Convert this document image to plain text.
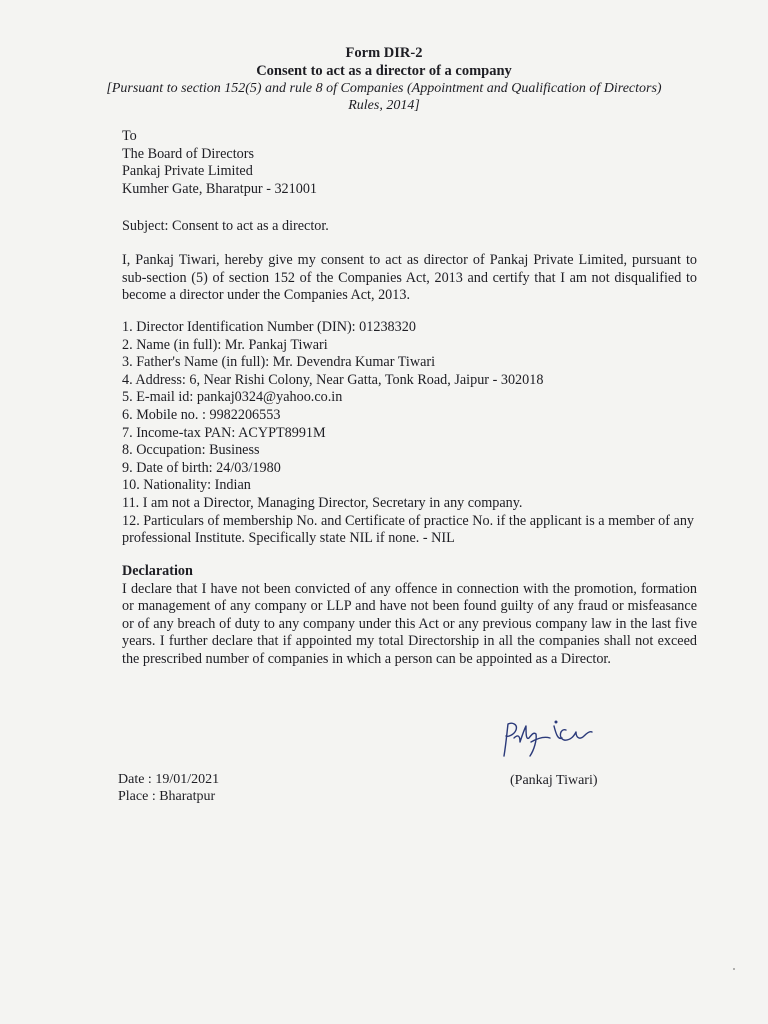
Form DIR-2
Consent to act as a director of a company
[Pursuant to section 152(5) and rule 8 of Companies (Appointment and Qualification of Directors) Rules, 2014]
To
The Board of Directors
Pankaj Private Limited
Kumher Gate, Bharatpur - 321001
Subject: Consent to act as a director.
I, Pankaj Tiwari, hereby give my consent to act as director of Pankaj Private Limited, pursuant to sub-section (5) of section 152 of the Companies Act, 2013 and certify that I am not disqualified to become a director under the Companies Act, 2013.
1. Director Identification Number (DIN): 01238320
2. Name (in full): Mr. Pankaj Tiwari
3. Father's Name (in full): Mr. Devendra Kumar Tiwari
4. Address: 6, Near Rishi Colony, Near Gatta, Tonk Road, Jaipur - 302018
5. E-mail id: pankaj0324@yahoo.co.in
6. Mobile no. : 9982206553
7. Income-tax PAN: ACYPT8991M
8. Occupation: Business
9. Date of birth: 24/03/1980
10. Nationality: Indian
11. I am not a Director, Managing Director, Secretary in any company.
12. Particulars of membership No. and Certificate of practice No. if the applicant is a member of any professional Institute. Specifically state NIL if none. - NIL
Declaration
I declare that I have not been convicted of any offence in connection with the promotion, formation or management of any company or LLP and have not been found guilty of any fraud or misfeasance or of any breach of duty to any company under this Act or any previous company law in the last five years. I further declare that if appointed my total Directorship in all the companies shall not exceed the prescribed number of companies in which a person can be appointed as a Director.
(Pankaj Tiwari)
Date : 19/01/2021
Place : Bharatpur
